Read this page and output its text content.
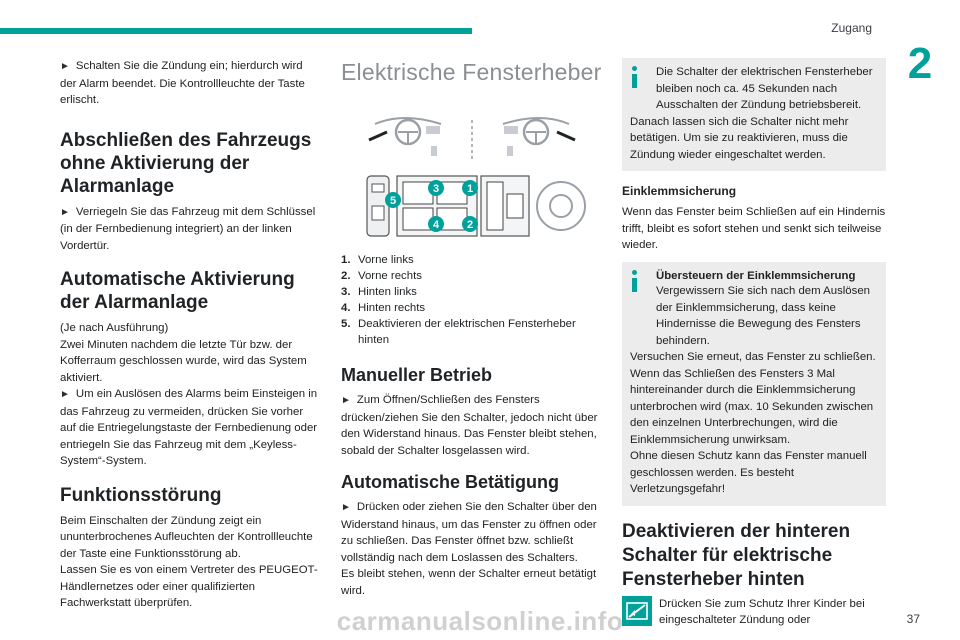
Zugang
2

► Schalten Sie die Zündung ein; hierdurch wird der Alarm beendet. Die Kontrollleuchte der Taste erlischt.

Abschließen des Fahrzeugs ohne Aktivierung der Alarmanlage

► Verriegeln Sie das Fahrzeug mit dem Schlüssel (in der Fernbedienung integriert) an der linken Vordertür.

Automatische Aktivierung der Alarmanlage

(Je nach Ausführung)

Zwei Minuten nachdem die letzte Tür bzw. der Kofferraum geschlossen wurde, wird das System aktiviert.

► Um ein Auslösen des Alarms beim Einsteigen in das Fahrzeug zu vermeiden, drücken Sie vorher auf die Entriegelungstaste der Fernbedienung oder entriegeln Sie das Fahrzeug mit dem „Keyless-System“-System.

Funktionsstörung

Beim Einschalten der Zündung zeigt ein ununterbrochenes Aufleuchten der Kontrollleuchte der Taste eine Funktionsstörung ab.

Lassen Sie es von einem Vertreter des PEUGEOT-Händlernetzes oder einer qualifizierten Fachwerkstatt überprüfen.

Elektrische Fensterheber
3	1
4	2
5
1. Vorne links
2. Vorne rechts
3. Hinten links
4. Hinten rechts
5. Deaktivieren der elektrischen Fensterheber hinten
Manueller Betrieb

► Zum Öffnen/Schließen des Fensters drücken/ziehen Sie den Schalter, jedoch nicht über den Widerstand hinaus. Das Fenster bleibt stehen, sobald der Schalter losgelassen wird.

Automatische Betätigung

► Drücken oder ziehen Sie den Schalter über den Widerstand hinaus, um das Fenster zu öffnen oder zu schließen. Das Fenster öffnet bzw. schließt vollständig nach dem Loslassen des Schalters.

Es bleibt stehen, wenn der Schalter erneut betätigt wird.

Die Schalter der elektrischen Fensterheber bleiben noch ca. 45 Sekunden nach Ausschalten der Zündung betriebsbereit.

Danach lassen sich die Schalter nicht mehr betätigen. Um sie zu reaktivieren, muss die Zündung wieder eingeschaltet werden.

Einklemmsicherung

Wenn das Fenster beim Schließen auf ein Hindernis trifft, bleibt es sofort stehen und senkt sich teilweise wieder.

Übersteuern der Einklemmsicherung

Vergewissern Sie sich nach dem Auslösen der Einklemmsicherung, dass keine Hindernisse die Bewegung des Fensters behindern.

Versuchen Sie erneut, das Fenster zu schließen. Wenn das Schließen des Fensters 3 Mal hintereinander durch die Einklemmsicherung unterbrochen wird (max. 10 Sekunden zwischen den einzelnen Unterbrechungen, wird die Einklemmsicherung unwirksam.

Ohne diesen Schutz kann das Fenster manuell geschlossen werden. Es besteht Verletzungsgefahr!

Deaktivieren der hinteren Schalter für elektrische Fensterheber hinten

Drücken Sie zum Schutz Ihrer Kinder bei eingeschalteter Zündung oder

carmanualsonline.info	37
